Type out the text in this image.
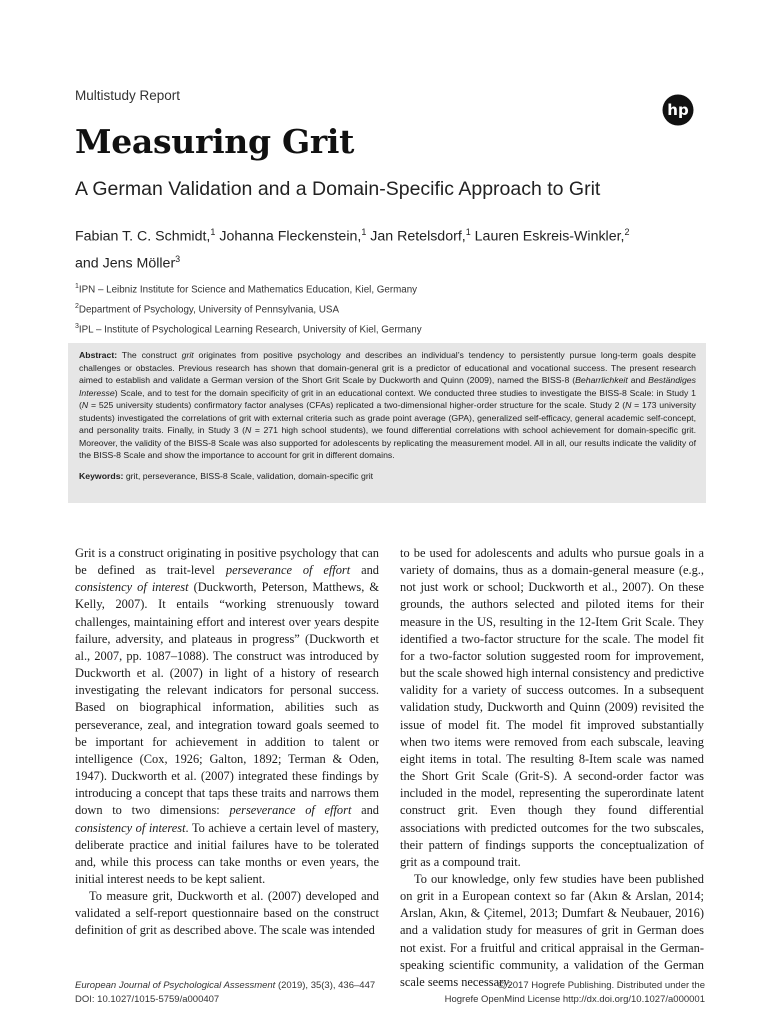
Multistudy Report
hp
Measuring Grit
A German Validation and a Domain-Specific Approach to Grit
Fabian T. C. Schmidt,$^1$ Johanna Fleckenstein,$^1$ Jan Retelsdorf,$^1$ Lauren Eskreis-Winkler,$^2$
and Jens Möller$^3$
$^1$IPN – Leibniz Institute for Science and Mathematics Education, Kiel, Germany
$^2$Department of Psychology, University of Pennsylvania, USA
$^3$IPL – Institute of Psychological Learning Research, University of Kiel, Germany

Abstract: The construct grit originates from positive psychology and describes an individual’s tendency to persistently pursue long-term goals despite challenges or obstacles. Previous research has shown that domain-general grit is a predictor of educational and vocational success. The present research aimed to establish and validate a German version of the Short Grit Scale by Duckworth and Quinn (2009), named the BISS-8 (Beharrlichkeit and Beständiges Interesse) Scale, and to test for the domain specificity of grit in an educational context. We conducted three studies to investigate the BISS-8 Scale: in Study 1 (N = 525 university students) confirmatory factor analyses (CFAs) replicated a two-dimensional higher-order structure for the scale. Study 2 (N = 173 university students) investigated the correlations of grit with external criteria such as grade point average (GPA), generalized self-efficacy, general academic self-concept, and personality traits. Finally, in Study 3 (N = 271 high school students), we found differential correlations with school achievement for domain-specific grit. Moreover, the validity of the BISS-8 Scale was also supported for adolescents by replicating the measurement model. All in all, our results indicate the validity of the BISS-8 Scale and show the importance to account for grit in different domains.

Keywords: grit, perseverance, BISS-8 Scale, validation, domain-specific grit

Grit is a construct originating in positive psychology that can be defined as trait-level perseverance of effort and consistency of interest (Duckworth, Peterson, Matthews, & Kelly, 2007). It entails “working strenuously toward challenges, maintaining effort and interest over years despite failure, adversity, and plateaus in progress” (Duckworth et al., 2007, pp. 1087–1088). The construct was introduced by Duckworth et al. (2007) in light of a history of research investigating the relevant indicators for personal success. Based on biographical information, abilities such as perseverance, zeal, and integration toward goals seemed to be important for achievement in addition to talent or intelligence (Cox, 1926; Galton, 1892; Terman & Oden, 1947). Duckworth et al. (2007) integrated these findings by introducing a concept that taps these traits and narrows them down to two dimensions: perseverance of effort and consistency of interest. To achieve a certain level of mastery, deliberate practice and initial failures have to be tolerated and, while this process can take months or even years, the initial interest needs to be kept salient.

To measure grit, Duckworth et al. (2007) developed and validated a self-report questionnaire based on the construct definition of grit as described above. The scale was intended

to be used for adolescents and adults who pursue goals in a variety of domains, thus as a domain-general measure (e.g., not just work or school; Duckworth et al., 2007). On these grounds, the authors selected and piloted items for their measure in the US, resulting in the 12-Item Grit Scale. They identified a two-factor structure for the scale. The model fit for a two-factor solution suggested room for improvement, but the scale showed high internal consistency and predictive validity for a variety of success outcomes. In a subsequent validation study, Duckworth and Quinn (2009) revisited the issue of model fit. The model fit improved substantially when two items were removed from each subscale, leaving eight items in total. The resulting 8-Item scale was named the Short Grit Scale (Grit-S). A second-order factor was included in the model, representing the superordinate latent construct grit. Even though they found differential associations with predicted outcomes for the two subscales, their pattern of findings supports the conceptualization of grit as a compound trait.

To our knowledge, only few studies have been published on grit in a European context so far (Akın & Arslan, 2014; Arslan, Akın, & Çitemel, 2013; Dumfart & Neubauer, 2016) and a validation study for measures of grit in German does not exist. For a fruitful and critical appraisal in the German-speaking scientific community, a validation of the German scale seems necessary.

European Journal of Psychological Assessment (2019), 35(3), 436–447
DOI: 10.1027/1015-5759/a000407
© 2017 Hogrefe Publishing. Distributed under the
Hogrefe OpenMind License http://dx.doi.org/10.1027/a000001
